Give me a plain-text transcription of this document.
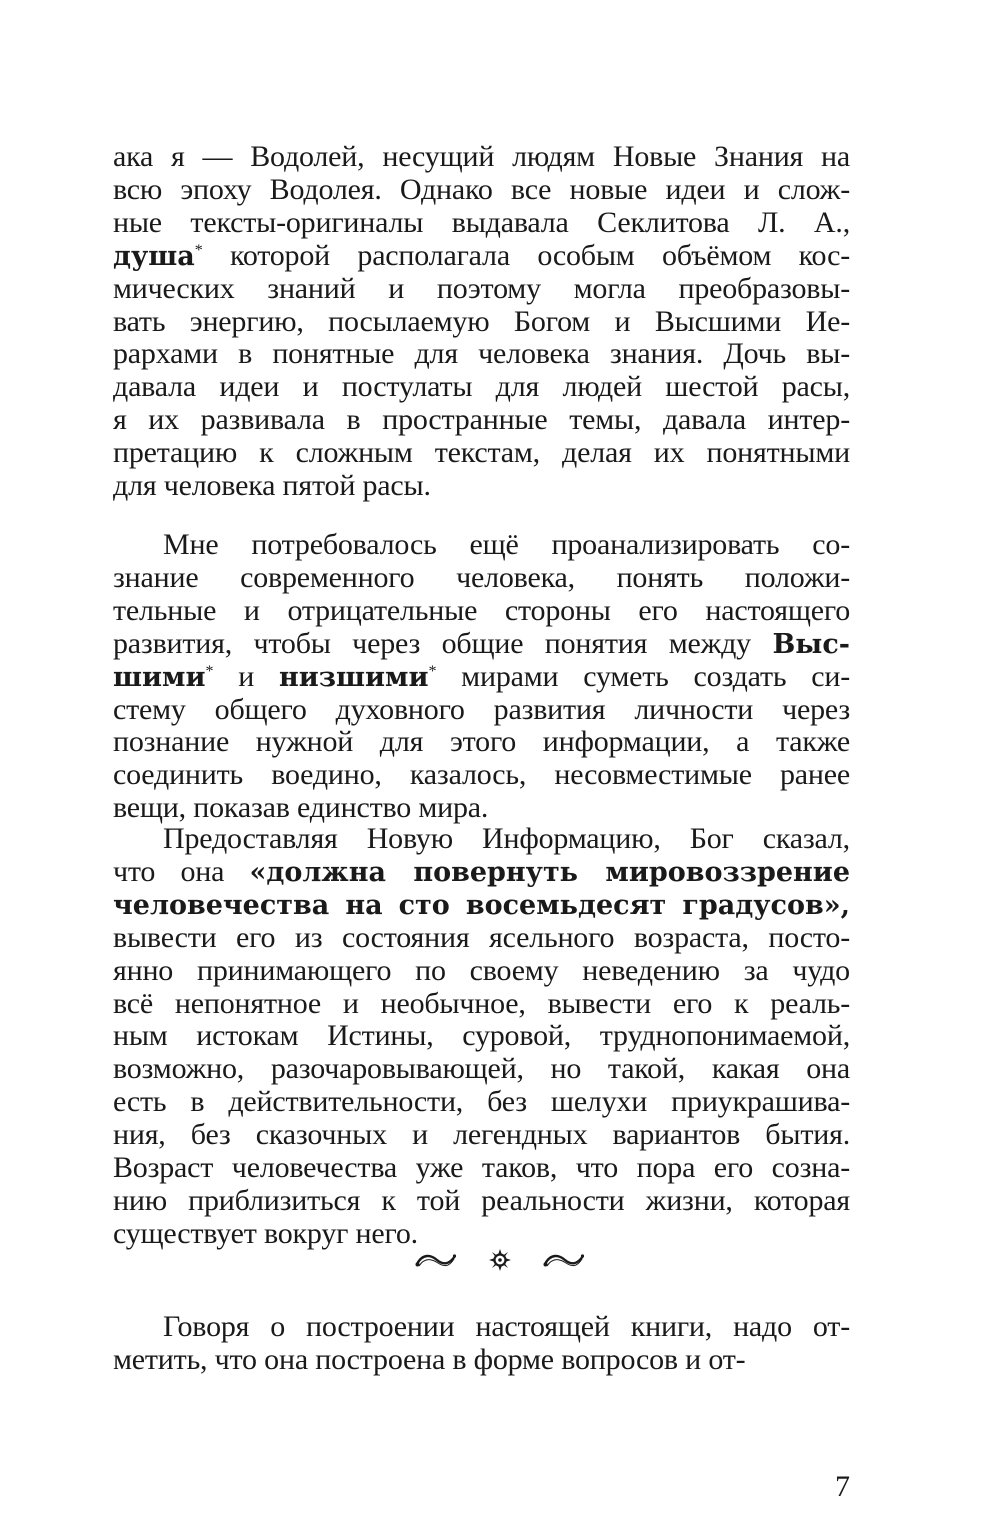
ака я — Водолей, несущий людям Новые Знания на
всю эпоху Водолея. Однако все новые идеи и слож-
ные тексты-оригиналы выдавала Секлитова Л. А.,
душа* которой располагала особым объёмом кос-
мических знаний и поэтому могла преобразовы-
вать энергию, посылаемую Богом и Высшими Ие-
рархами в понятные для человека знания. Дочь вы-
давала идеи и постулаты для людей шестой расы,
я их развивала в пространные темы, давала интер-
претацию к сложным текстам, делая их понятными
для человека пятой расы.
Мне потребовалось ещё проанализировать со-
знание современного человека, понять положи-
тельные и отрицательные стороны его настоящего
развития, чтобы через общие понятия между Выс-
шими* и низшими* мирами суметь создать си-
стему общего духовного развития личности через
познание нужной для этого информации, а также
соединить воедино, казалось, несовместимые ранее
вещи, показав единство мира.
Предоставляя Новую Информацию, Бог сказал,
что она «должна повернуть мировоззрение
человечества на сто восемьдесят градусов»,
вывести его из состояния ясельного возраста, посто-
янно принимающего по своему неведению за чудо
всё непонятное и необычное, вывести его к реаль-
ным истокам Истины, суровой, труднопонимаемой,
возможно, разочаровывающей, но такой, какая она
есть в действительности, без шелухи приукрашива-
ния, без сказочных и легендных вариантов бытия.
Возраст человечества уже таков, что пора его созна-
нию приблизиться к той реальности жизни, которая
существует вокруг него.
Говоря о построении настоящей книги, надо от-
метить, что она построена в форме вопросов и от-
7
